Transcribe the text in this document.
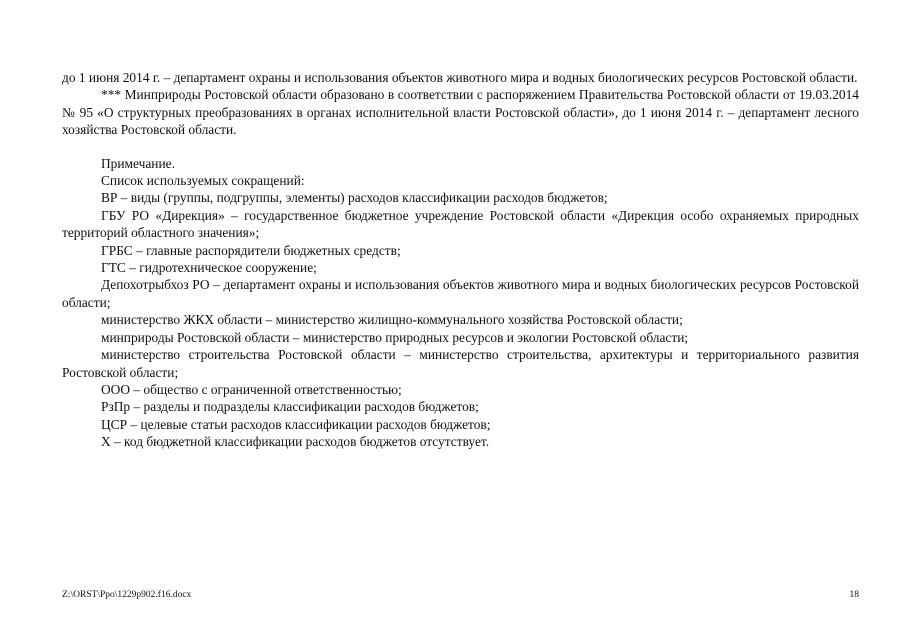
до 1 июня 2014 г. – департамент охраны и использования объектов животного мира и водных биологических ресурсов Ростовской области.

*** Минприроды Ростовской области образовано в соответствии с распоряжением Правительства Ростовской области от 19.03.2014 № 95 «О структурных преобразованиях в органах исполнительной власти Ростовской области», до 1 июня 2014 г. – департамент лесного хозяйства Ростовской области.

Примечание.

Список используемых сокращений:

ВР – виды (группы, подгруппы, элементы) расходов классификации расходов бюджетов;

ГБУ РО «Дирекция» – государственное бюджетное учреждение Ростовской области «Дирекция особо охраняемых природных территорий областного значения»;

ГРБС – главные распорядители бюджетных средств;

ГТС – гидротехническое сооружение;

Депохотрыбхоз РО – департамент охраны и использования объектов животного мира и водных биологических ресурсов Ростовской области;

министерство ЖКХ области – министерство жилищно-коммунального хозяйства Ростовской области;

минприроды Ростовской области – министерство природных ресурсов и экологии Ростовской области;

министерство строительства Ростовской области – министерство строительства, архитектуры и территориального развития Ростовской области;

ООО – общество с ограниченной ответственностью;

РзПр – разделы и подразделы классификации расходов бюджетов;

ЦСР – целевые статьи расходов классификации расходов бюджетов;

Х – код бюджетной классификации расходов бюджетов отсутствует.

Z:\ORST\Ppo\1229p902.f16.docx	18
